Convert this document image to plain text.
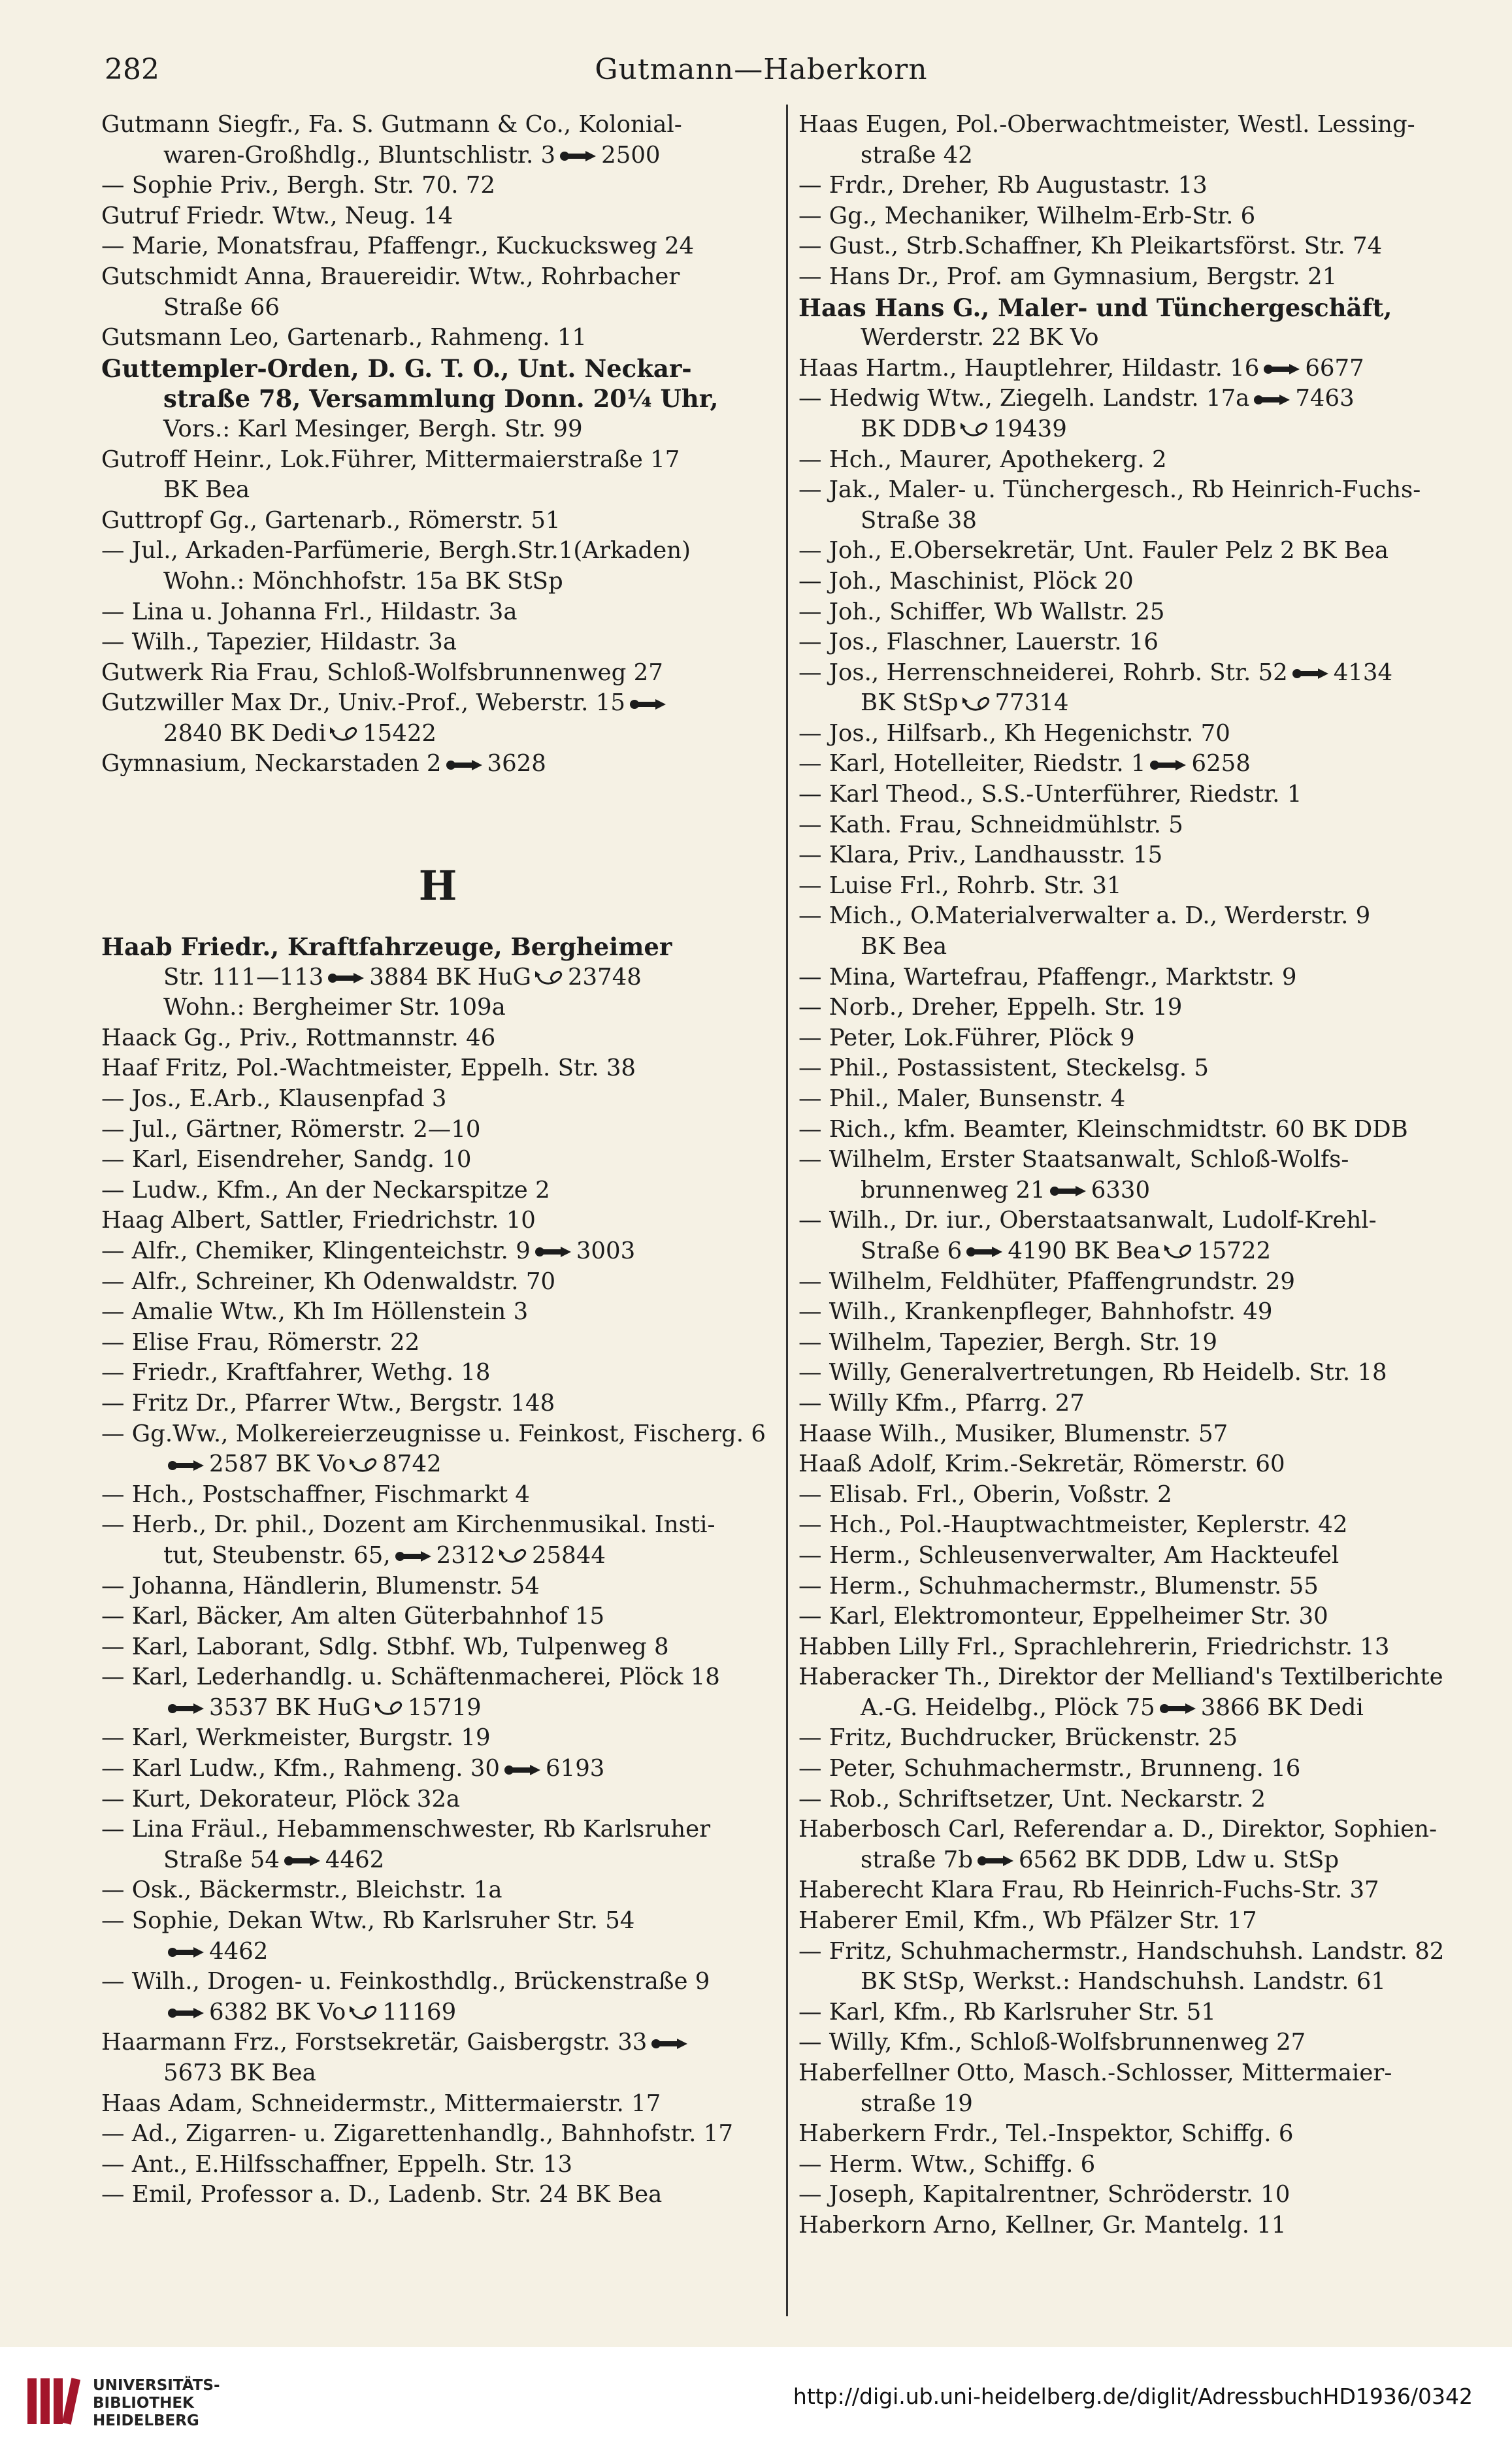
282	Gutmann—Haberkorn
Gutmann Siegfr., Fa. S. Gutmann & Co., Kolonial-
waren-Großhdlg., Bluntschlistr. 3 2500
— Sophie Priv., Bergh. Str. 70. 72
Gutruf Friedr. Wtw., Neug. 14
— Marie, Monatsfrau, Pfaffengr., Kuckucksweg 24
Gutschmidt Anna, Brauereidir. Wtw., Rohrbacher
Straße 66
Gutsmann Leo, Gartenarb., Rahmeng. 11
Guttempler-Orden, D. G. T. O., Unt. Neckar-
straße 78, Versammlung Donn. 20¼ Uhr,
Vors.: Karl Mesinger, Bergh. Str. 99
Gutroff Heinr., Lok.Führer, Mittermaierstraße 17
BK Bea
Guttropf Gg., Gartenarb., Römerstr. 51
— Jul., Arkaden-Parfümerie, Bergh.Str.1(Arkaden)
Wohn.: Mönchhofstr. 15a BK StSp
— Lina u. Johanna Frl., Hildastr. 3a
— Wilh., Tapezier, Hildastr. 3a
Gutwerk Ria Frau, Schloß-Wolfsbrunnenweg 27
Gutzwiller Max Dr., Univ.-Prof., Weberstr. 15
2840 BK Dedi 15422
Gymnasium, Neckarstaden 2 3628
H
Haab Friedr., Kraftfahrzeuge, Bergheimer
Str. 111—113 3884 BK HuG 23748
Wohn.: Bergheimer Str. 109a
Haack Gg., Priv., Rottmannstr. 46
Haaf Fritz, Pol.-Wachtmeister, Eppelh. Str. 38
— Jos., E.Arb., Klausenpfad 3
— Jul., Gärtner, Römerstr. 2—10
— Karl, Eisendreher, Sandg. 10
— Ludw., Kfm., An der Neckarspitze 2
Haag Albert, Sattler, Friedrichstr. 10
— Alfr., Chemiker, Klingenteichstr. 9 3003
— Alfr., Schreiner, Kh Odenwaldstr. 70
— Amalie Wtw., Kh Im Höllenstein 3
— Elise Frau, Römerstr. 22
— Friedr., Kraftfahrer, Wethg. 18
— Fritz Dr., Pfarrer Wtw., Bergstr. 148
— Gg.Ww., Molkereierzeugnisse u. Feinkost, Fischerg. 6
2587 BK Vo 8742
— Hch., Postschaffner, Fischmarkt 4
— Herb., Dr. phil., Dozent am Kirchenmusikal. Insti-
tut, Steubenstr. 65, 2312 25844
— Johanna, Händlerin, Blumenstr. 54
— Karl, Bäcker, Am alten Güterbahnhof 15
— Karl, Laborant, Sdlg. Stbhf. Wb, Tulpenweg 8
— Karl, Lederhandlg. u. Schäftenmacherei, Plöck 18
3537 BK HuG 15719
— Karl, Werkmeister, Burgstr. 19
— Karl Ludw., Kfm., Rahmeng. 30 6193
— Kurt, Dekorateur, Plöck 32a
— Lina Fräul., Hebammenschwester, Rb Karlsruher
Straße 54 4462
— Osk., Bäckermstr., Bleichstr. 1a
— Sophie, Dekan Wtw., Rb Karlsruher Str. 54
4462
— Wilh., Drogen- u. Feinkosthdlg., Brückenstraße 9
6382 BK Vo 11169
Haarmann Frz., Forstsekretär, Gaisbergstr. 33
5673 BK Bea
Haas Adam, Schneidermstr., Mittermaierstr. 17
— Ad., Zigarren- u. Zigarettenhandlg., Bahnhofstr. 17
— Ant., E.Hilfsschaffner, Eppelh. Str. 13
— Emil, Professor a. D., Ladenb. Str. 24 BK Bea
Haas Eugen, Pol.-Oberwachtmeister, Westl. Lessing-
straße 42
— Frdr., Dreher, Rb Augustastr. 13
— Gg., Mechaniker, Wilhelm-Erb-Str. 6
— Gust., Strb.Schaffner, Kh Pleikartsförst. Str. 74
— Hans Dr., Prof. am Gymnasium, Bergstr. 21
Haas Hans G., Maler- und Tünchergeschäft,
Werderstr. 22 BK Vo
Haas Hartm., Hauptlehrer, Hildastr. 16 6677
— Hedwig Wtw., Ziegelh. Landstr. 17a 7463
BK DDB 19439
— Hch., Maurer, Apothekerg. 2
— Jak., Maler- u. Tünchergesch., Rb Heinrich-Fuchs-
Straße 38
— Joh., E.Obersekretär, Unt. Fauler Pelz 2 BK Bea
— Joh., Maschinist, Plöck 20
— Joh., Schiffer, Wb Wallstr. 25
— Jos., Flaschner, Lauerstr. 16
— Jos., Herrenschneiderei, Rohrb. Str. 52 4134
BK StSp 77314
— Jos., Hilfsarb., Kh Hegenichstr. 70
— Karl, Hotelleiter, Riedstr. 1 6258
— Karl Theod., S.S.-Unterführer, Riedstr. 1
— Kath. Frau, Schneidmühlstr. 5
— Klara, Priv., Landhausstr. 15
— Luise Frl., Rohrb. Str. 31
— Mich., O.Materialverwalter a. D., Werderstr. 9
BK Bea
— Mina, Wartefrau, Pfaffengr., Marktstr. 9
— Norb., Dreher, Eppelh. Str. 19
— Peter, Lok.Führer, Plöck 9
— Phil., Postassistent, Steckelsg. 5
— Phil., Maler, Bunsenstr. 4
— Rich., kfm. Beamter, Kleinschmidtstr. 60 BK DDB
— Wilhelm, Erster Staatsanwalt, Schloß-Wolfs-
brunnenweg 21 6330
— Wilh., Dr. iur., Oberstaatsanwalt, Ludolf-Krehl-
Straße 6 4190 BK Bea 15722
— Wilhelm, Feldhüter, Pfaffengrundstr. 29
— Wilh., Krankenpfleger, Bahnhofstr. 49
— Wilhelm, Tapezier, Bergh. Str. 19
— Willy, Generalvertretungen, Rb Heidelb. Str. 18
— Willy Kfm., Pfarrg. 27
Haase Wilh., Musiker, Blumenstr. 57
Haaß Adolf, Krim.-Sekretär, Römerstr. 60
— Elisab. Frl., Oberin, Voßstr. 2
— Hch., Pol.-Hauptwachtmeister, Keplerstr. 42
— Herm., Schleusenverwalter, Am Hackteufel
— Herm., Schuhmachermstr., Blumenstr. 55
— Karl, Elektromonteur, Eppelheimer Str. 30
Habben Lilly Frl., Sprachlehrerin, Friedrichstr. 13
Haberacker Th., Direktor der Melliand's Textilberichte
A.-G. Heidelbg., Plöck 75 3866 BK Dedi
— Fritz, Buchdrucker, Brückenstr. 25
— Peter, Schuhmachermstr., Brunneng. 16
— Rob., Schriftsetzer, Unt. Neckarstr. 2
Haberbosch Carl, Referendar a. D., Direktor, Sophien-
straße 7b 6562 BK DDB, Ldw u. StSp
Haberecht Klara Frau, Rb Heinrich-Fuchs-Str. 37
Haberer Emil, Kfm., Wb Pfälzer Str. 17
— Fritz, Schuhmachermstr., Handschuhsh. Landstr. 82
BK StSp, Werkst.: Handschuhsh. Landstr. 61
— Karl, Kfm., Rb Karlsruher Str. 51
— Willy, Kfm., Schloß-Wolfsbrunnenweg 27
Haberfellner Otto, Masch.-Schlosser, Mittermaier-
straße 19
Haberkern Frdr., Tel.-Inspektor, Schiffg. 6
— Herm. Wtw., Schiffg. 6
— Joseph, Kapitalrentner, Schröderstr. 10
Haberkorn Arno, Kellner, Gr. Mantelg. 11
UNIVERSITÄTS-
BIBLIOTHEK
HEIDELBERG
http://digi.ub.uni-heidelberg.de/diglit/AdressbuchHD1936/0342
